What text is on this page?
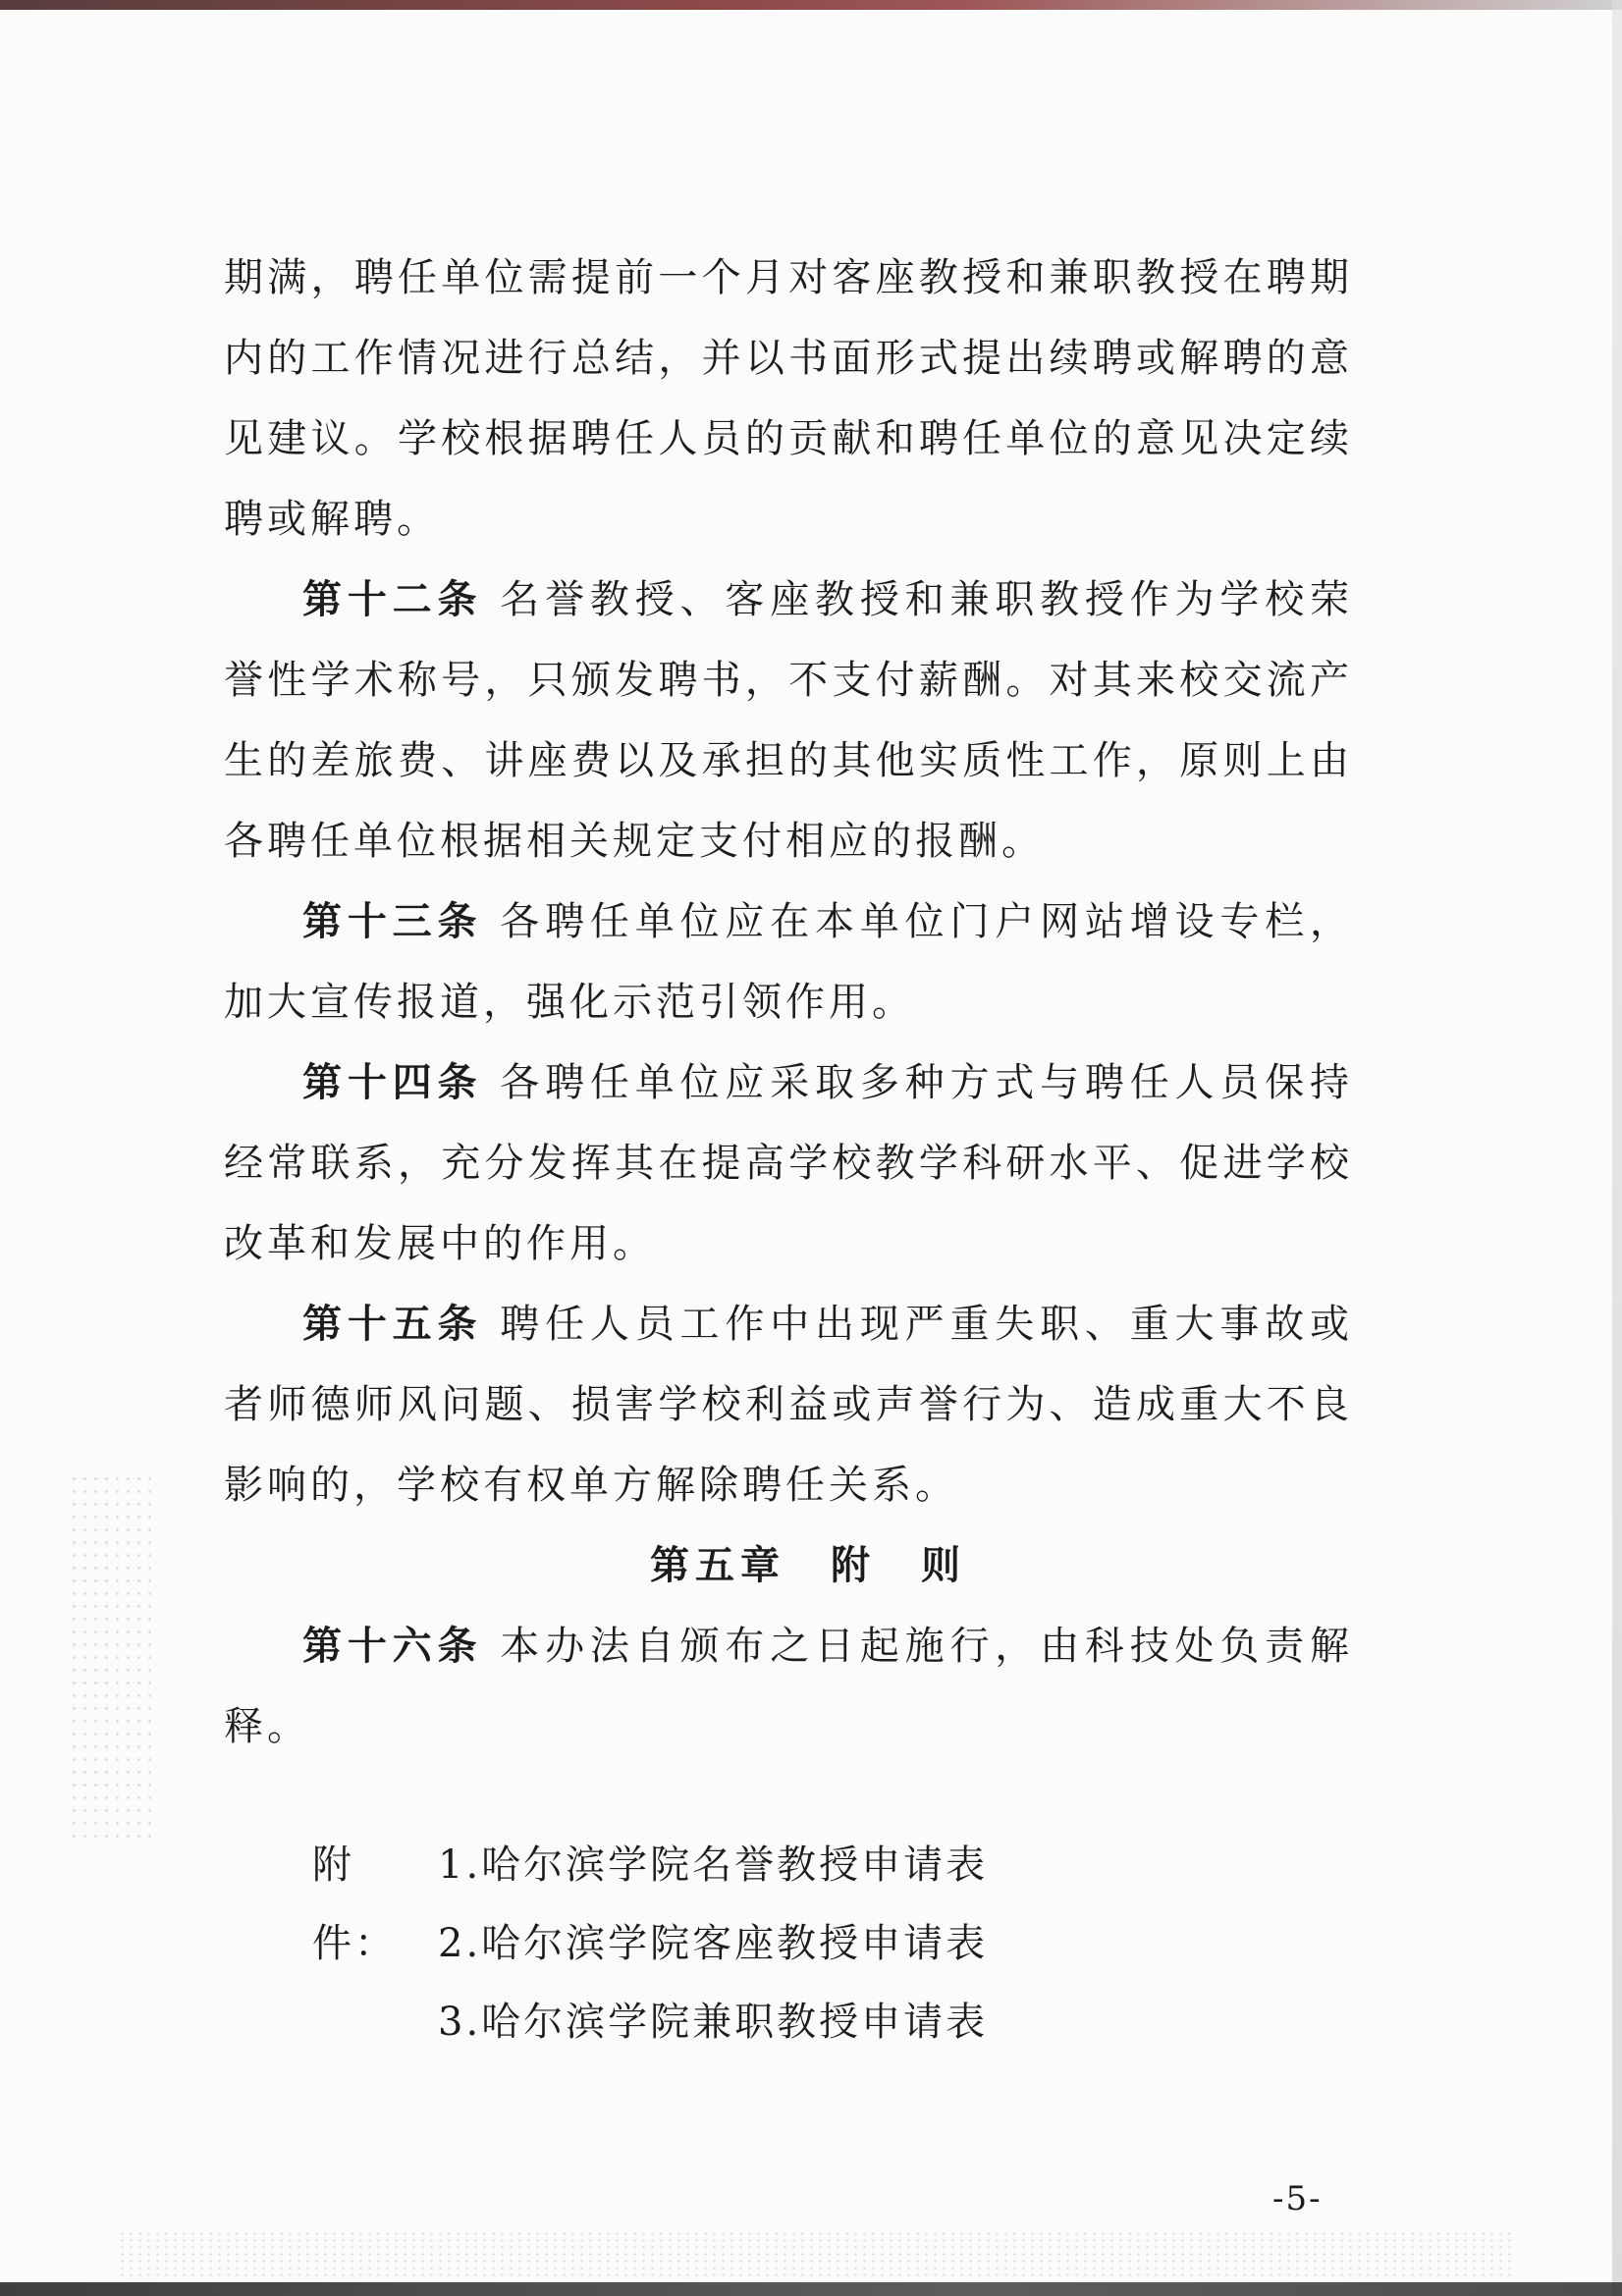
期满，聘任单位需提前一个月对客座教授和兼职教授在聘期内的工作情况进行总结，并以书面形式提出续聘或解聘的意见建议。学校根据聘任人员的贡献和聘任单位的意见决定续聘或解聘。

第十二条 名誉教授、客座教授和兼职教授作为学校荣誉性学术称号，只颁发聘书，不支付薪酬。对其来校交流产生的差旅费、讲座费以及承担的其他实质性工作，原则上由各聘任单位根据相关规定支付相应的报酬。

第十三条 各聘任单位应在本单位门户网站增设专栏，加大宣传报道，强化示范引领作用。

第十四条 各聘任单位应采取多种方式与聘任人员保持经常联系，充分发挥其在提高学校教学科研水平、促进学校改革和发展中的作用。

第十五条 聘任人员工作中出现严重失职、重大事故或者师德师风问题、损害学校利益或声誉行为、造成重大不良影响的，学校有权单方解除聘任关系。

第五章　附　则

第十六条 本办法自颁布之日起施行，由科技处负责解释。

附件：
1.哈尔滨学院名誉教授申请表
2.哈尔滨学院客座教授申请表
3.哈尔滨学院兼职教授申请表
-5-
